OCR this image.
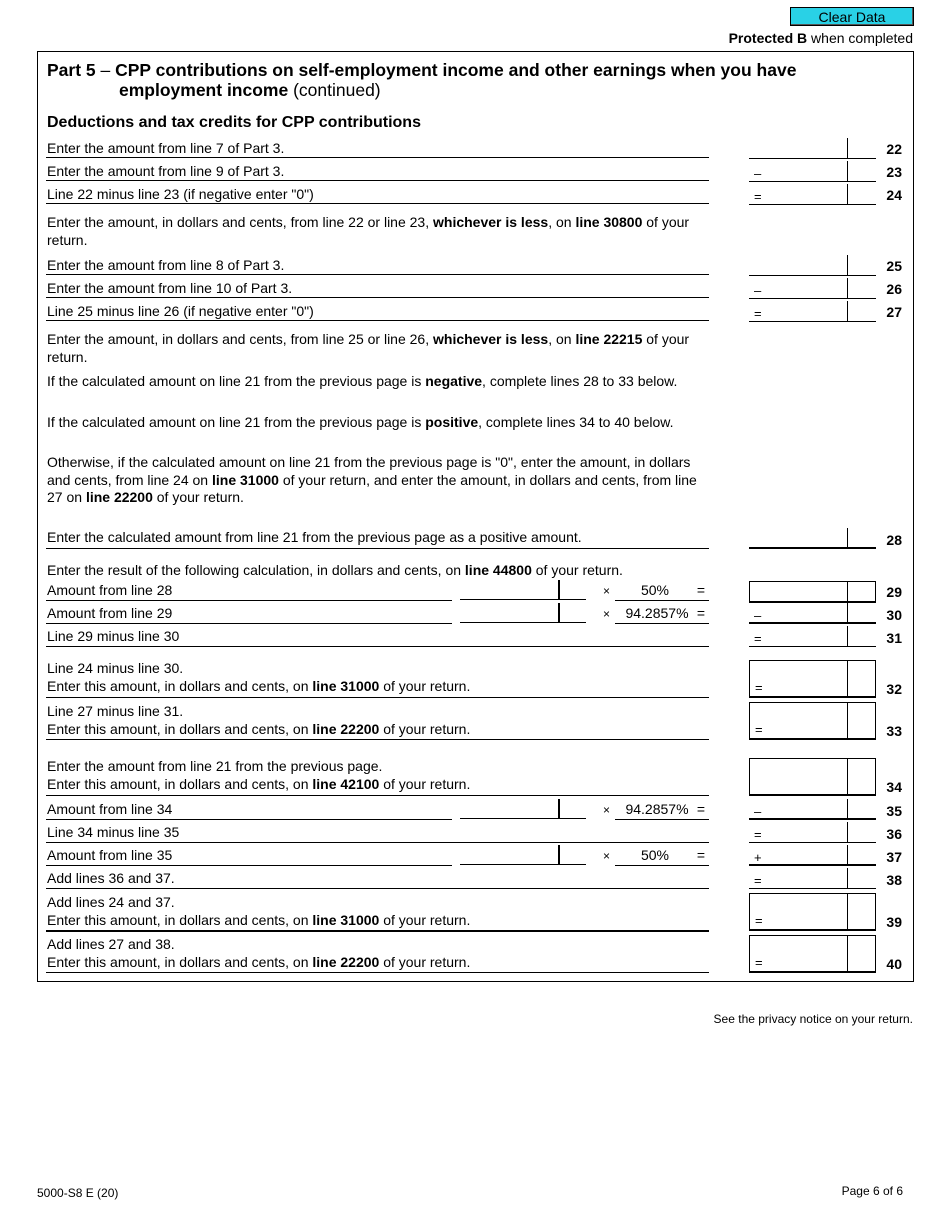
Clear Data
Protected B when completed
Part 5 – CPP contributions on self-employment income and other earnings when you have
employment income (continued)
Deductions and tax credits for CPP contributions
Enter the amount from line 7 of Part 3.	22
Enter the amount from line 9 of Part 3.	–	23
Line 22 minus line 23 (if negative enter "0")	=	24
Enter the amount, in dollars and cents, from line 22 or line 23, whichever is less, on line 30800 of your return.
Enter the amount from line 8 of Part 3.	25
Enter the amount from line 10 of Part 3.	–	26
Line 25 minus line 26 (if negative enter "0")	=	27
Enter the amount, in dollars and cents, from line 25 or line 26, whichever is less, on line 22215 of your return.
If the calculated amount on line 21 from the previous page is negative, complete lines 28 to 33 below.
If the calculated amount on line 21 from the previous page is positive, complete lines 34 to 40 below.
Otherwise, if the calculated amount on line 21 from the previous page is "0", enter the amount, in dollars and cents, from line 24 on line 31000 of your return, and enter the amount, in dollars and cents, from line 27 on line 22200 of your return.
Enter the calculated amount from line 21 from the previous page as a positive amount.	28
Enter the result of the following calculation, in dollars and cents, on line 44800 of your return.
Amount from line 28	×	50%	=	29
Amount from line 29	×	94.2857% =	–	30
Line 29 minus line 30	=	31
Line 24 minus line 30.
Enter this amount, in dollars and cents, on line 31000 of your return.	=	32
Line 27 minus line 31.
Enter this amount, in dollars and cents, on line 22200 of your return.	=	33
Enter the amount from line 21 from the previous page.
Enter this amount, in dollars and cents, on line 42100 of your return.	34
Amount from line 34	×	94.2857% =	–	35
Line 34 minus line 35	=	36
Amount from line 35	×	50%	=	+	37
Add lines 36 and 37.	=	38
Add lines 24 and 37.
Enter this amount, in dollars and cents, on line 31000 of your return.	=	39
Add lines 27 and 38.
Enter this amount, in dollars and cents, on line 22200 of your return.	=	40
See the privacy notice on your return.
5000-S8 E (20)	Page 6 of 6
